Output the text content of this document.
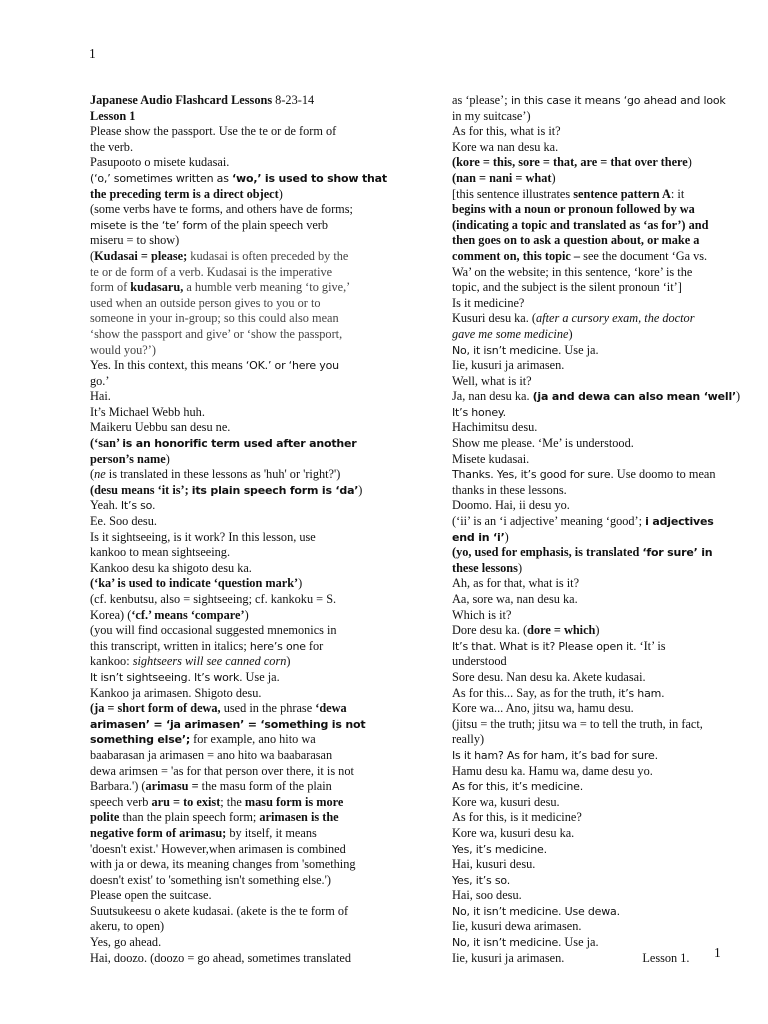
1
Japanese Audio Flashcard Lessons 8-23-14
Lesson 1
Please show the passport. Use the te or de form of
the verb.
Pasupooto o misete kudasai.
(‘o,’ sometimes written as ‘wo,’ is used to show that
the preceding term is a direct object)
(some verbs have te forms, and others have de forms;
misete is the ‘te’ form of the plain speech verb
miseru = to show)
(Kudasai = please; kudasai is often preceded by the
te or de form of a verb. Kudasai is the imperative
form of kudasaru, a humble verb meaning ‘to give,’
used when an outside person gives to you or to
someone in your in-group; so this could also mean
‘show the passport and give’ or ‘show the passport,
would you?’)
Yes. In this context, this means ‘OK.’ or ‘here you
go.’
Hai.
It’s Michael Webb huh.
Maikeru Uebbu san desu ne.
(‘san’ is an honorific term used after another
person’s name)
(ne is translated in these lessons as 'huh' or 'right?')
(desu means ‘it is’; its plain speech form is ‘da’)
Yeah. It’s so.
Ee. Soo desu.
Is it sightseeing, is it work? In this lesson, use
kankoo to mean sightseeing.
Kankoo desu ka shigoto desu ka.
(‘ka’ is used to indicate ‘question mark’)
(cf. kenbutsu, also = sightseeing; cf. kankoku = S.
Korea) (‘cf.’ means ‘compare’)
(you will find occasional suggested mnemonics in
this transcript, written in italics; here’s one for
kankoo: sightseers will see canned corn)
It isn’t sightseeing. It’s work. Use ja.
Kankoo ja arimasen. Shigoto desu.
(ja = short form of dewa, used in the phrase ‘dewa
arimasen’ = ‘ja arimasen’ = ‘something is not
something else’; for example, ano hito wa
baabarasan ja arimasen = ano hito wa baabarasan
dewa arimsen = 'as for that person over there, it is not
Barbara.') (arimasu = the masu form of the plain
speech verb aru = to exist; the masu form is more
polite than the plain speech form; arimasen is the
negative form of arimasu; by itself, it means
'doesn't exist.' However,when arimasen is combined
with ja or dewa, its meaning changes from 'something
doesn't exist' to 'something isn't something else.')
Please open the suitcase.
Suutsukeesu o akete kudasai. (akete is the te form of
akeru, to open)
Yes, go ahead.
Hai, doozo. (doozo = go ahead, sometimes translated
as ‘please’; in this case it means ‘go ahead and look
in my suitcase’)
As for this, what is it?
Kore wa nan desu ka.
(kore = this, sore = that, are = that over there)
(nan = nani = what)
[this sentence illustrates sentence pattern A: it
begins with a noun or pronoun followed by wa
(indicating a topic and translated as ‘as for’) and
then goes on to ask a question about, or make a
comment on, this topic – see the document ‘Ga vs.
Wa’ on the website; in this sentence, ‘kore’ is the
topic, and the subject is the silent pronoun ‘it’]
Is it medicine?
Kusuri desu ka. (after a cursory exam, the doctor
gave me some medicine)
No, it isn’t medicine. Use ja.
Iie, kusuri ja arimasen.
Well, what is it?
Ja, nan desu ka. (ja and dewa can also mean ‘well’)
It’s honey.
Hachimitsu desu.
Show me please. ‘Me’ is understood.
Misete kudasai.
Thanks. Yes, it’s good for sure. Use doomo to mean
thanks in these lessons.
Doomo. Hai, ii desu yo.
(‘ii’ is an ‘i adjective’ meaning ‘good’; i adjectives
end in ‘i’)
(yo, used for emphasis, is translated ‘for sure’ in
these lessons)
Ah, as for that, what is it?
Aa, sore wa, nan desu ka.
Which is it?
Dore desu ka. (dore = which)
It’s that. What is it? Please open it. ‘It’ is
understood
Sore desu. Nan desu ka. Akete kudasai.
As for this... Say, as for the truth, it’s ham.
Kore wa... Ano, jitsu wa, hamu desu.
(jitsu = the truth; jitsu wa = to tell the truth, in fact,
really)
Is it ham? As for ham, it’s bad for sure.
Hamu desu ka. Hamu wa, dame desu yo.
As for this, it’s medicine.
Kore wa, kusuri desu.
As for this, is it medicine?
Kore wa, kusuri desu ka.
Yes, it’s medicine.
Hai, kusuri desu.
Yes, it’s so.
Hai, soo desu.
No, it isn’t medicine. Use dewa.
Iie, kusuri dewa arimasen.
No, it isn’t medicine. Use ja.
Iie, kusuri ja arimasen.	Lesson 1.	1
